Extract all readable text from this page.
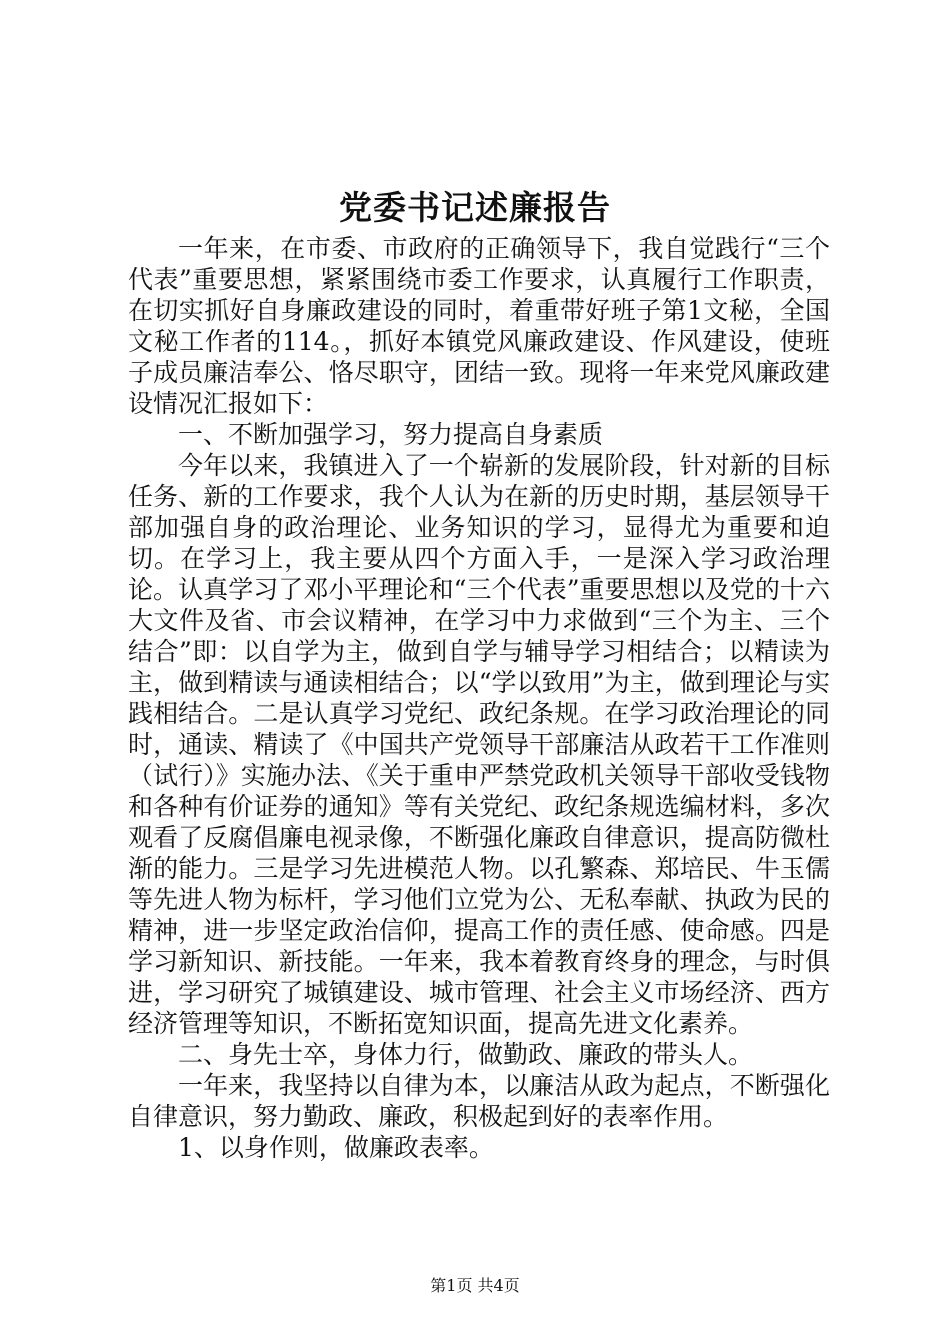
党委书记述廉报告

一年来，在市委、市政府的正确领导下，我自觉践行“三个代表”重要思想，紧紧围绕市委工作要求，认真履行工作职责，在切实抓好自身廉政建设的同时，着重带好班子第1文秘，全国文秘工作者的114。，抓好本镇党风廉政建设、作风建设，使班子成员廉洁奉公、恪尽职守，团结一致。现将一年来党风廉政建设情况汇报如下：

一、不断加强学习，努力提高自身素质

今年以来，我镇进入了一个崭新的发展阶段，针对新的目标任务、新的工作要求，我个人认为在新的历史时期，基层领导干部加强自身的政治理论、业务知识的学习，显得尤为重要和迫切。在学习上，我主要从四个方面入手，一是深入学习政治理论。认真学习了邓小平理论和“三个代表”重要思想以及党的十六大文件及省、市会议精神，在学习中力求做到“三个为主、三个结合”即：以自学为主，做到自学与辅导学习相结合；以精读为主，做到精读与通读相结合；以“学以致用”为主，做到理论与实践相结合。二是认真学习党纪、政纪条规。在学习政治理论的同时，通读、精读了《中国共产党领导干部廉洁从政若干工作准则（试行）》实施办法、《关于重申严禁党政机关领导干部收受钱物和各种有价证券的通知》等有关党纪、政纪条规选编材料，多次观看了反腐倡廉电视录像，不断强化廉政自律意识，提高防微杜渐的能力。三是学习先进模范人物。以孔繁森、郑培民、牛玉儒等先进人物为标杆，学习他们立党为公、无私奉献、执政为民的精神，进一步坚定政治信仰，提高工作的责任感、使命感。四是学习新知识、新技能。一年来，我本着教育终身的理念，与时俱进，学习研究了城镇建设、城市管理、社会主义市场经济、西方经济管理等知识，不断拓宽知识面，提高先进文化素养。

二、身先士卒，身体力行，做勤政、廉政的带头人。

一年来，我坚持以自律为本，以廉洁从政为起点，不断强化自律意识，努力勤政、廉政，积极起到好的表率作用。

1、以身作则，做廉政表率。

第1页 共4页
